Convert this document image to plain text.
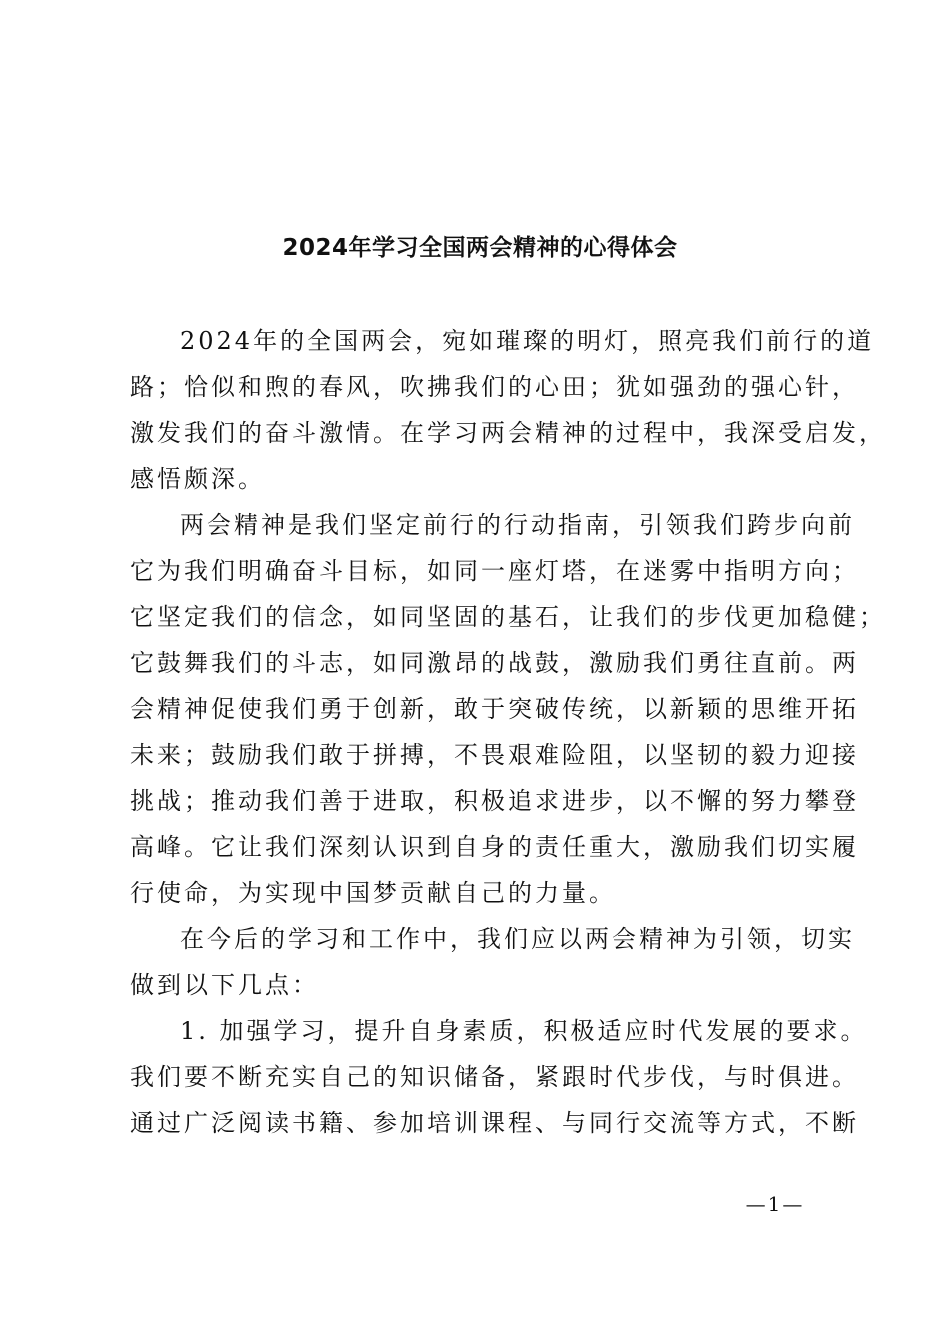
2024年学习全国两会精神的心得体会
2024年的全国两会，宛如璀璨的明灯，照亮我们前行的道
路；恰似和煦的春风，吹拂我们的心田；犹如强劲的强心针，
激发我们的奋斗激情。在学习两会精神的过程中，我深受启发，
感悟颇深。
两会精神是我们坚定前行的行动指南，引领我们跨步向前
它为我们明确奋斗目标，如同一座灯塔，在迷雾中指明方向；
它坚定我们的信念，如同坚固的基石，让我们的步伐更加稳健；
它鼓舞我们的斗志，如同激昂的战鼓，激励我们勇往直前。两
会精神促使我们勇于创新，敢于突破传统，以新颖的思维开拓
未来；鼓励我们敢于拼搏，不畏艰难险阻，以坚韧的毅力迎接
挑战；推动我们善于进取，积极追求进步，以不懈的努力攀登
高峰。它让我们深刻认识到自身的责任重大，激励我们切实履
行使命，为实现中国梦贡献自己的力量。
在今后的学习和工作中，我们应以两会精神为引领，切实
做到以下几点：
1. 加强学习，提升自身素质，积极适应时代发展的要求。
我们要不断充实自己的知识储备，紧跟时代步伐，与时俱进。
通过广泛阅读书籍、参加培训课程、与同行交流等方式，不断
—1—
